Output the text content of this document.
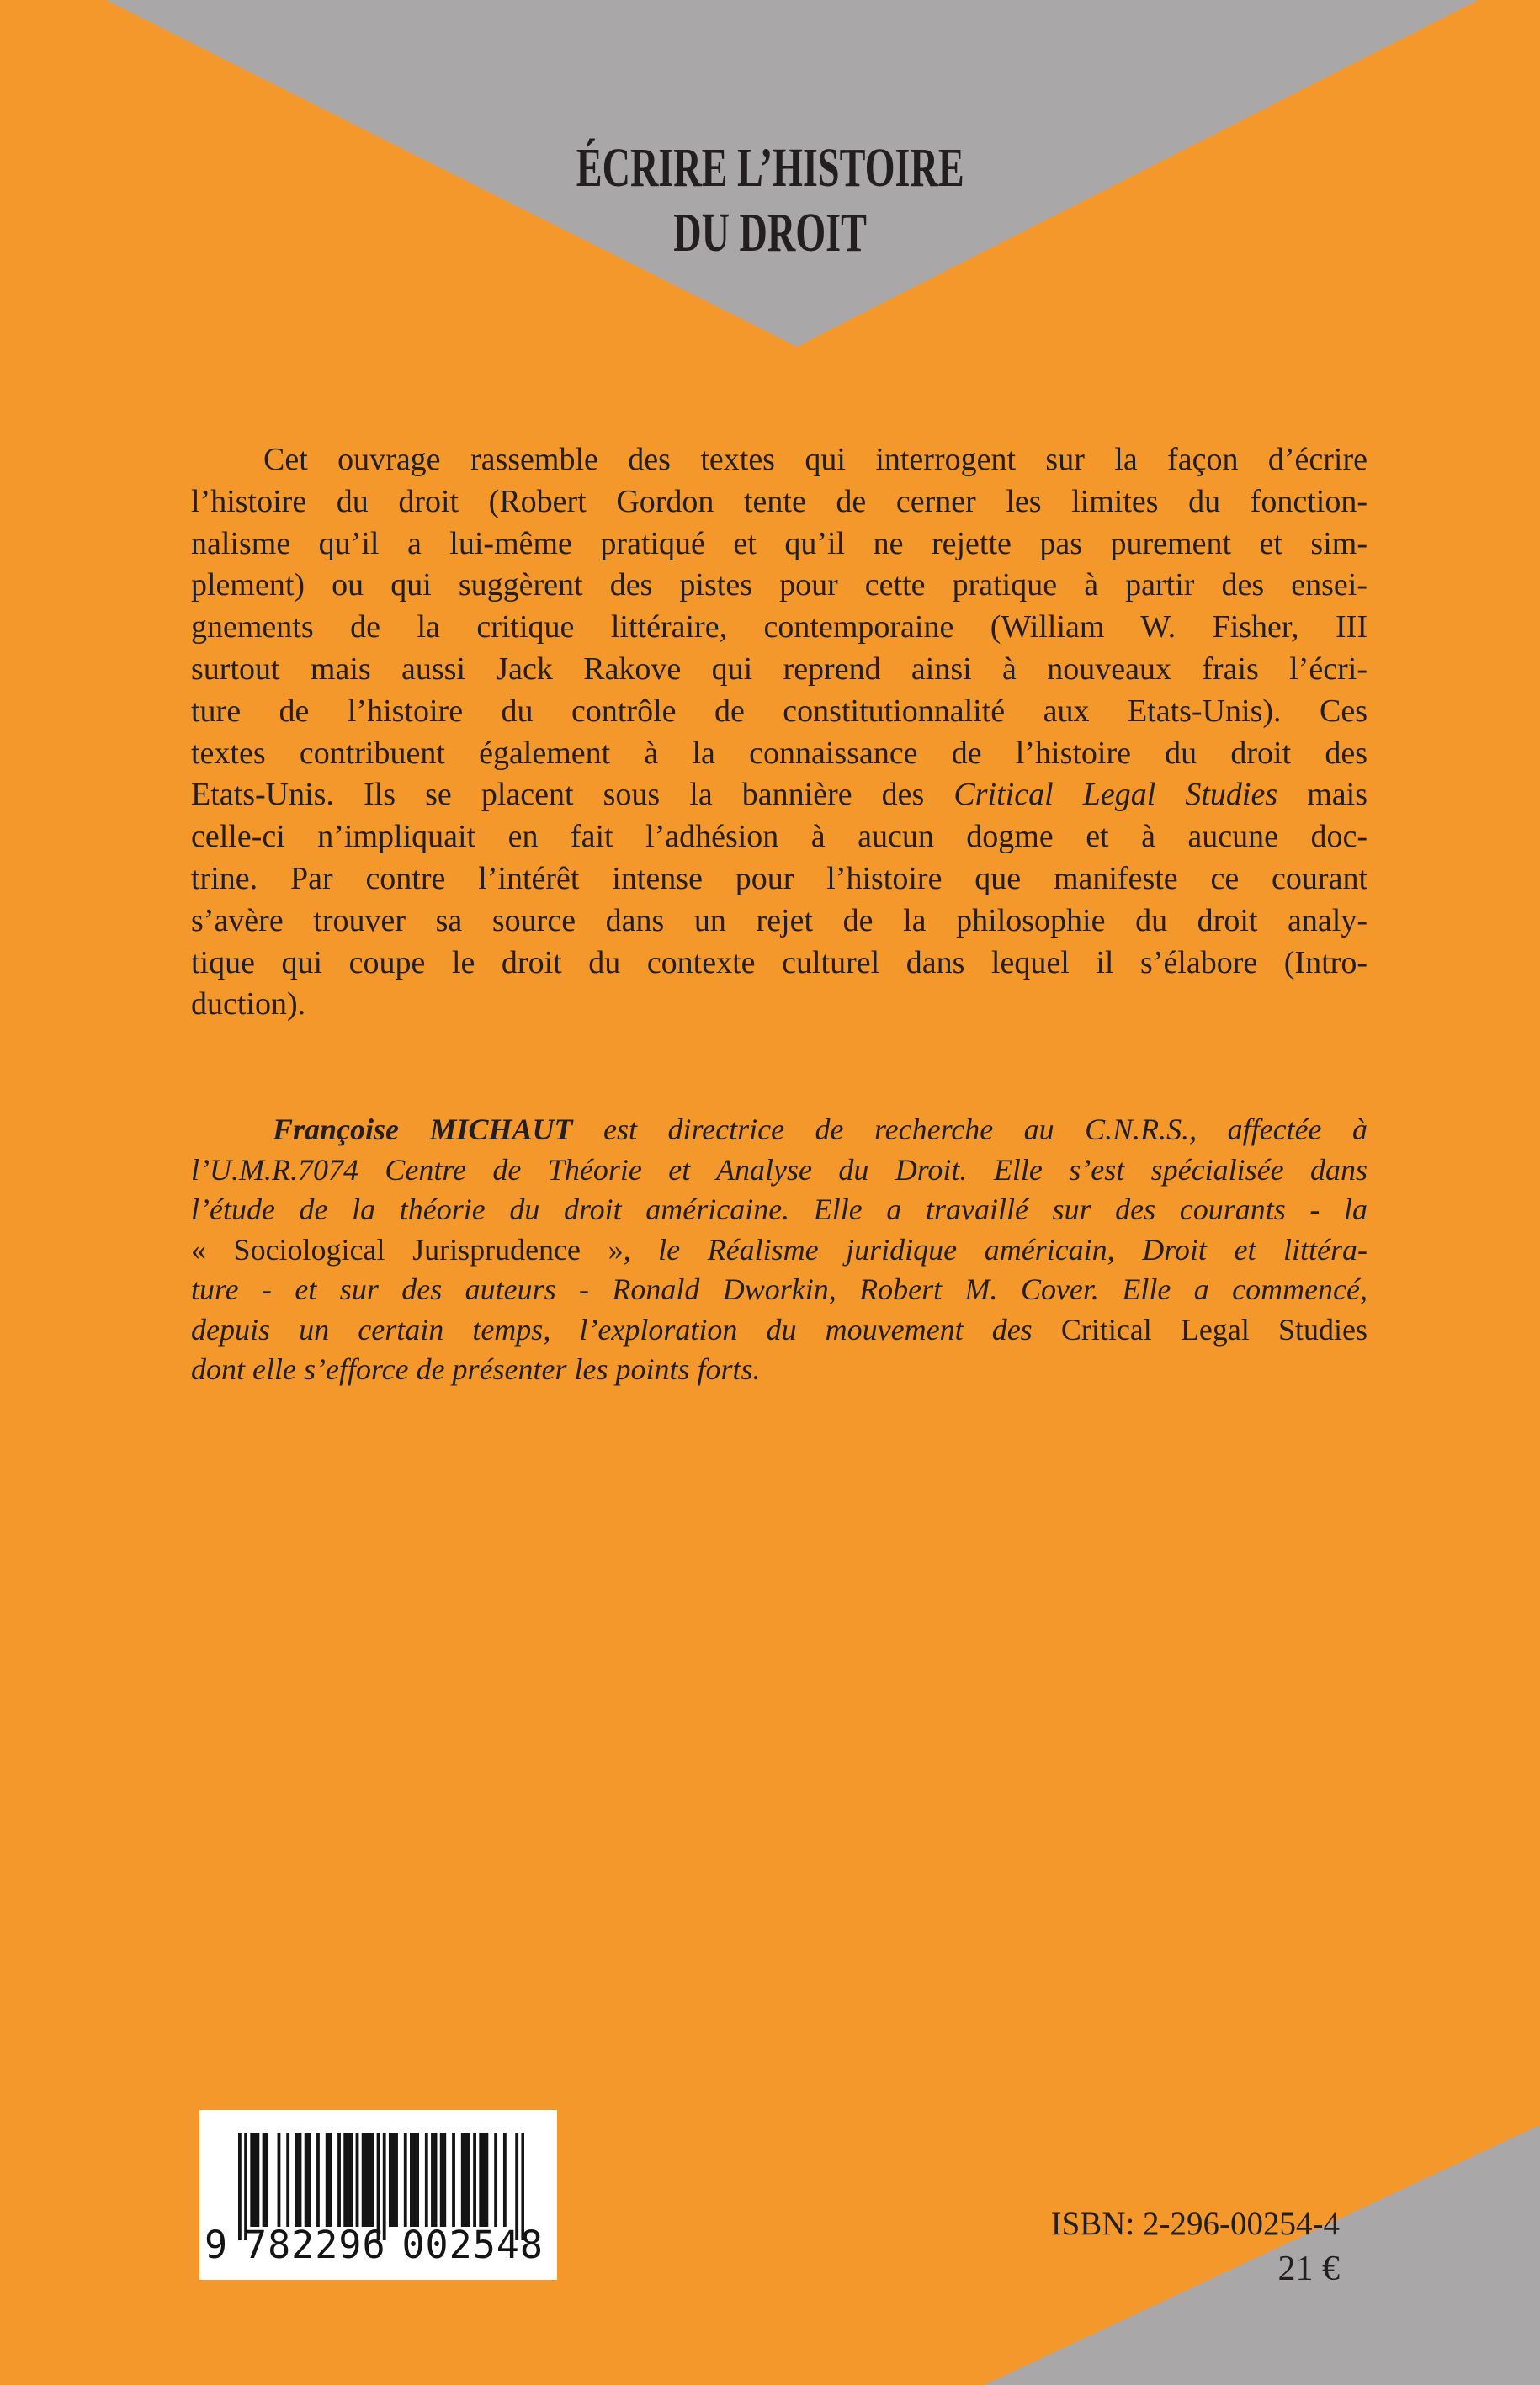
ÉCRIRE L’HISTOIRE
DU DROIT
Cet ouvrage rassemble des textes qui interrogent sur la façon d’écrire
l’histoire du droit (Robert Gordon tente de cerner les limites du fonction-
nalisme qu’il a lui-même pratiqué et qu’il ne rejette pas purement et sim-
plement) ou qui suggèrent des pistes pour cette pratique à partir des ensei-
gnements de la critique littéraire, contemporaine (William W. Fisher, III
surtout mais aussi Jack Rakove qui reprend ainsi à nouveaux frais l’écri-
ture de l’histoire du contrôle de constitutionnalité aux Etats-Unis). Ces
textes contribuent également à la connaissance de l’histoire du droit des
Etats-Unis. Ils se placent sous la bannière des Critical Legal Studies mais
celle-ci n’impliquait en fait l’adhésion à aucun dogme et à aucune doc-
trine. Par contre l’intérêt intense pour l’histoire que manifeste ce courant
s’avère trouver sa source dans un rejet de la philosophie du droit analy-
tique qui coupe le droit du contexte culturel dans lequel il s’élabore (Intro-
duction).
Françoise MICHAUT est directrice de recherche au C.N.R.S., affectée à
l’U.M.R.7074 Centre de Théorie et Analyse du Droit. Elle s’est spécialisée dans
l’étude de la théorie du droit américaine. Elle a travaillé sur des courants - la
« Sociological Jurisprudence », le Réalisme juridique américain, Droit et littéra-
ture - et sur des auteurs - Ronald Dworkin, Robert M. Cover. Elle a commencé,
depuis un certain temps, l’exploration du mouvement des Critical Legal Studies
dont elle s’efforce de présenter les points forts.
9 782296 002548	ISBN: 2-296-00254-4
21 €
